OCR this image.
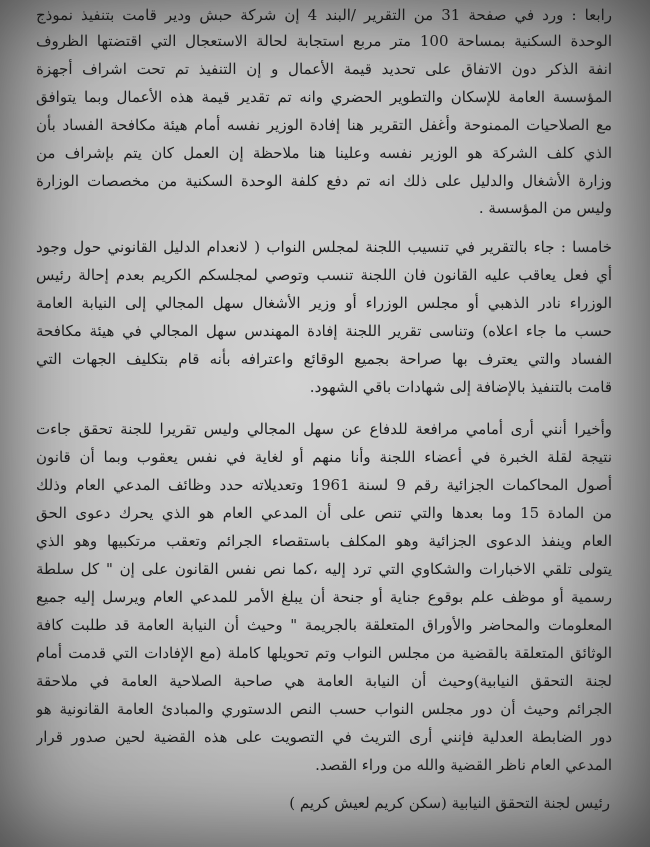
رابعا : ورد في صفحة 31 من التقرير /البند 4 إن شركة حبش ودير قامت بتنفيذ نموذج
الوحدة السكنية بمساحة 100 متر مربع استجابة لحالة الاستعجال التي اقتضتها الظروف
انفة الذكر دون الاتفاق على تحديد قيمة الأعمال و إن التنفيذ تم تحت اشراف أجهزة
المؤسسة العامة للإسكان والتطوير الحضري وانه تم تقدير قيمة هذه الأعمال وبما يتوافق
مع الصلاحيات الممنوحة وأغفل التقرير هنا إفادة الوزير نفسه أمام هيئة مكافحة الفساد بأن
الذي كلف الشركة هو الوزير نفسه وعلينا هنا ملاحظة إن العمل كان يتم بإشراف من
وزارة الأشغال والدليل على ذلك انه تم دفع كلفة الوحدة السكنية من مخصصات الوزارة
وليس من المؤسسة .
خامسا : جاء بالتقرير في تنسيب اللجنة لمجلس النواب ( لانعدام الدليل القانوني حول وجود
أي فعل يعاقب عليه القانون فان اللجنة تنسب وتوصي لمجلسكم الكريم بعدم إحالة رئيس
الوزراء نادر الذهبي أو مجلس الوزراء أو وزير الأشغال سهل المجالي إلى النيابة العامة
حسب ما جاء اعلاه) وتناسى تقرير اللجنة إفادة المهندس سهل المجالي في هيئة مكافحة
الفساد والتي يعترف بها صراحة بجميع الوقائع واعترافه بأنه قام بتكليف الجهات التي
قامت بالتنفيذ بالإضافة إلى شهادات باقي الشهود.
وأخيرا أنني أرى أمامي مرافعة للدفاع عن سهل المجالي وليس تقريرا للجنة تحقق جاءت
نتيجة لقلة الخبرة في أعضاء اللجنة وأنا منهم أو لغاية في نفس يعقوب وبما أن قانون
أصول المحاكمات الجزائية رقم 9 لسنة 1961 وتعديلاته حدد وظائف المدعي العام وذلك
من المادة 15 وما بعدها والتي تنص على أن المدعي العام هو الذي يحرك دعوى الحق
العام وينفذ الدعوى الجزائية وهو المكلف باستقصاء الجرائم وتعقب مرتكبيها وهو الذي
يتولى تلقي الاخبارات والشكاوي التي ترد إليه ،كما نص نفس القانون على إن " كل سلطة
رسمية أو موظف علم بوقوع جناية أو جنحة أن يبلغ الأمر للمدعي العام ويرسل إليه جميع
المعلومات والمحاضر والأوراق المتعلقة بالجريمة " وحيث أن النيابة العامة قد طلبت كافة
الوثائق المتعلقة بالقضية من مجلس النواب وتم تحويلها كاملة (مع الإفادات التي قدمت أمام
لجنة التحقق النيابية)وحيث أن النيابة العامة هي صاحبة الصلاحية العامة في ملاحقة
الجرائم وحيث أن دور مجلس النواب حسب النص الدستوري والمبادئ العامة القانونية هو
دور الضابطة العدلية فإنني أرى التريث في التصويت على هذه القضية لحين صدور قرار
المدعي العام ناظر القضية والله من وراء القصد.
رئيس لجنة التحقق النيابية (سكن كريم لعيش كريم )
